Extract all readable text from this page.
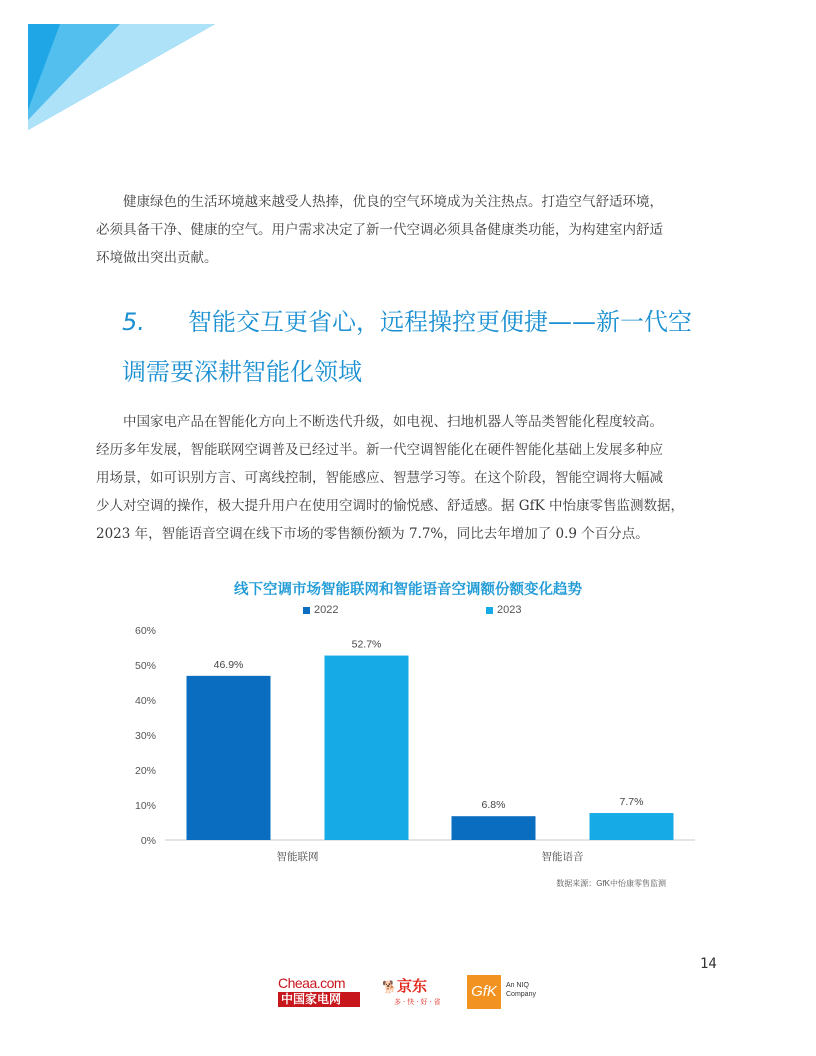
健康绿色的生活环境越来越受人热捧，优良的空气环境成为关注热点。打造空气舒适环境，
必须具备干净、健康的空气。用户需求决定了新一代空调必须具备健康类功能，为构建室内舒适
环境做出突出贡献。
5. 智能交互更省心，远程操控更便捷——新一代空
调需要深耕智能化领域
中国家电产品在智能化方向上不断迭代升级，如电视、扫地机器人等品类智能化程度较高。
经历多年发展，智能联网空调普及已经过半。新一代空调智能化在硬件智能化基础上发展多种应
用场景，如可识别方言、可离线控制，智能感应、智慧学习等。在这个阶段，智能空调将大幅减
少人对空调的操作，极大提升用户在使用空调时的愉悦感、舒适感。据 GfK 中怡康零售监测数据，
2023 年，智能语音空调在线下市场的零售额份额为 7.7%，同比去年增加了 0.9 个百分点。
线下空调市场智能联网和智能语音空调额份额变化趋势
2022	2023
0%
10%
20%
30%
40%
50%
60%
46.9%
52.7%
智能联网
6.8%	7.7%
智能语音
数据来源：GfK中怡康零售监测
14
Cheaa.com
中国家电网
🐕京东
多·快·好·省
GfK	An NIQ
Company
